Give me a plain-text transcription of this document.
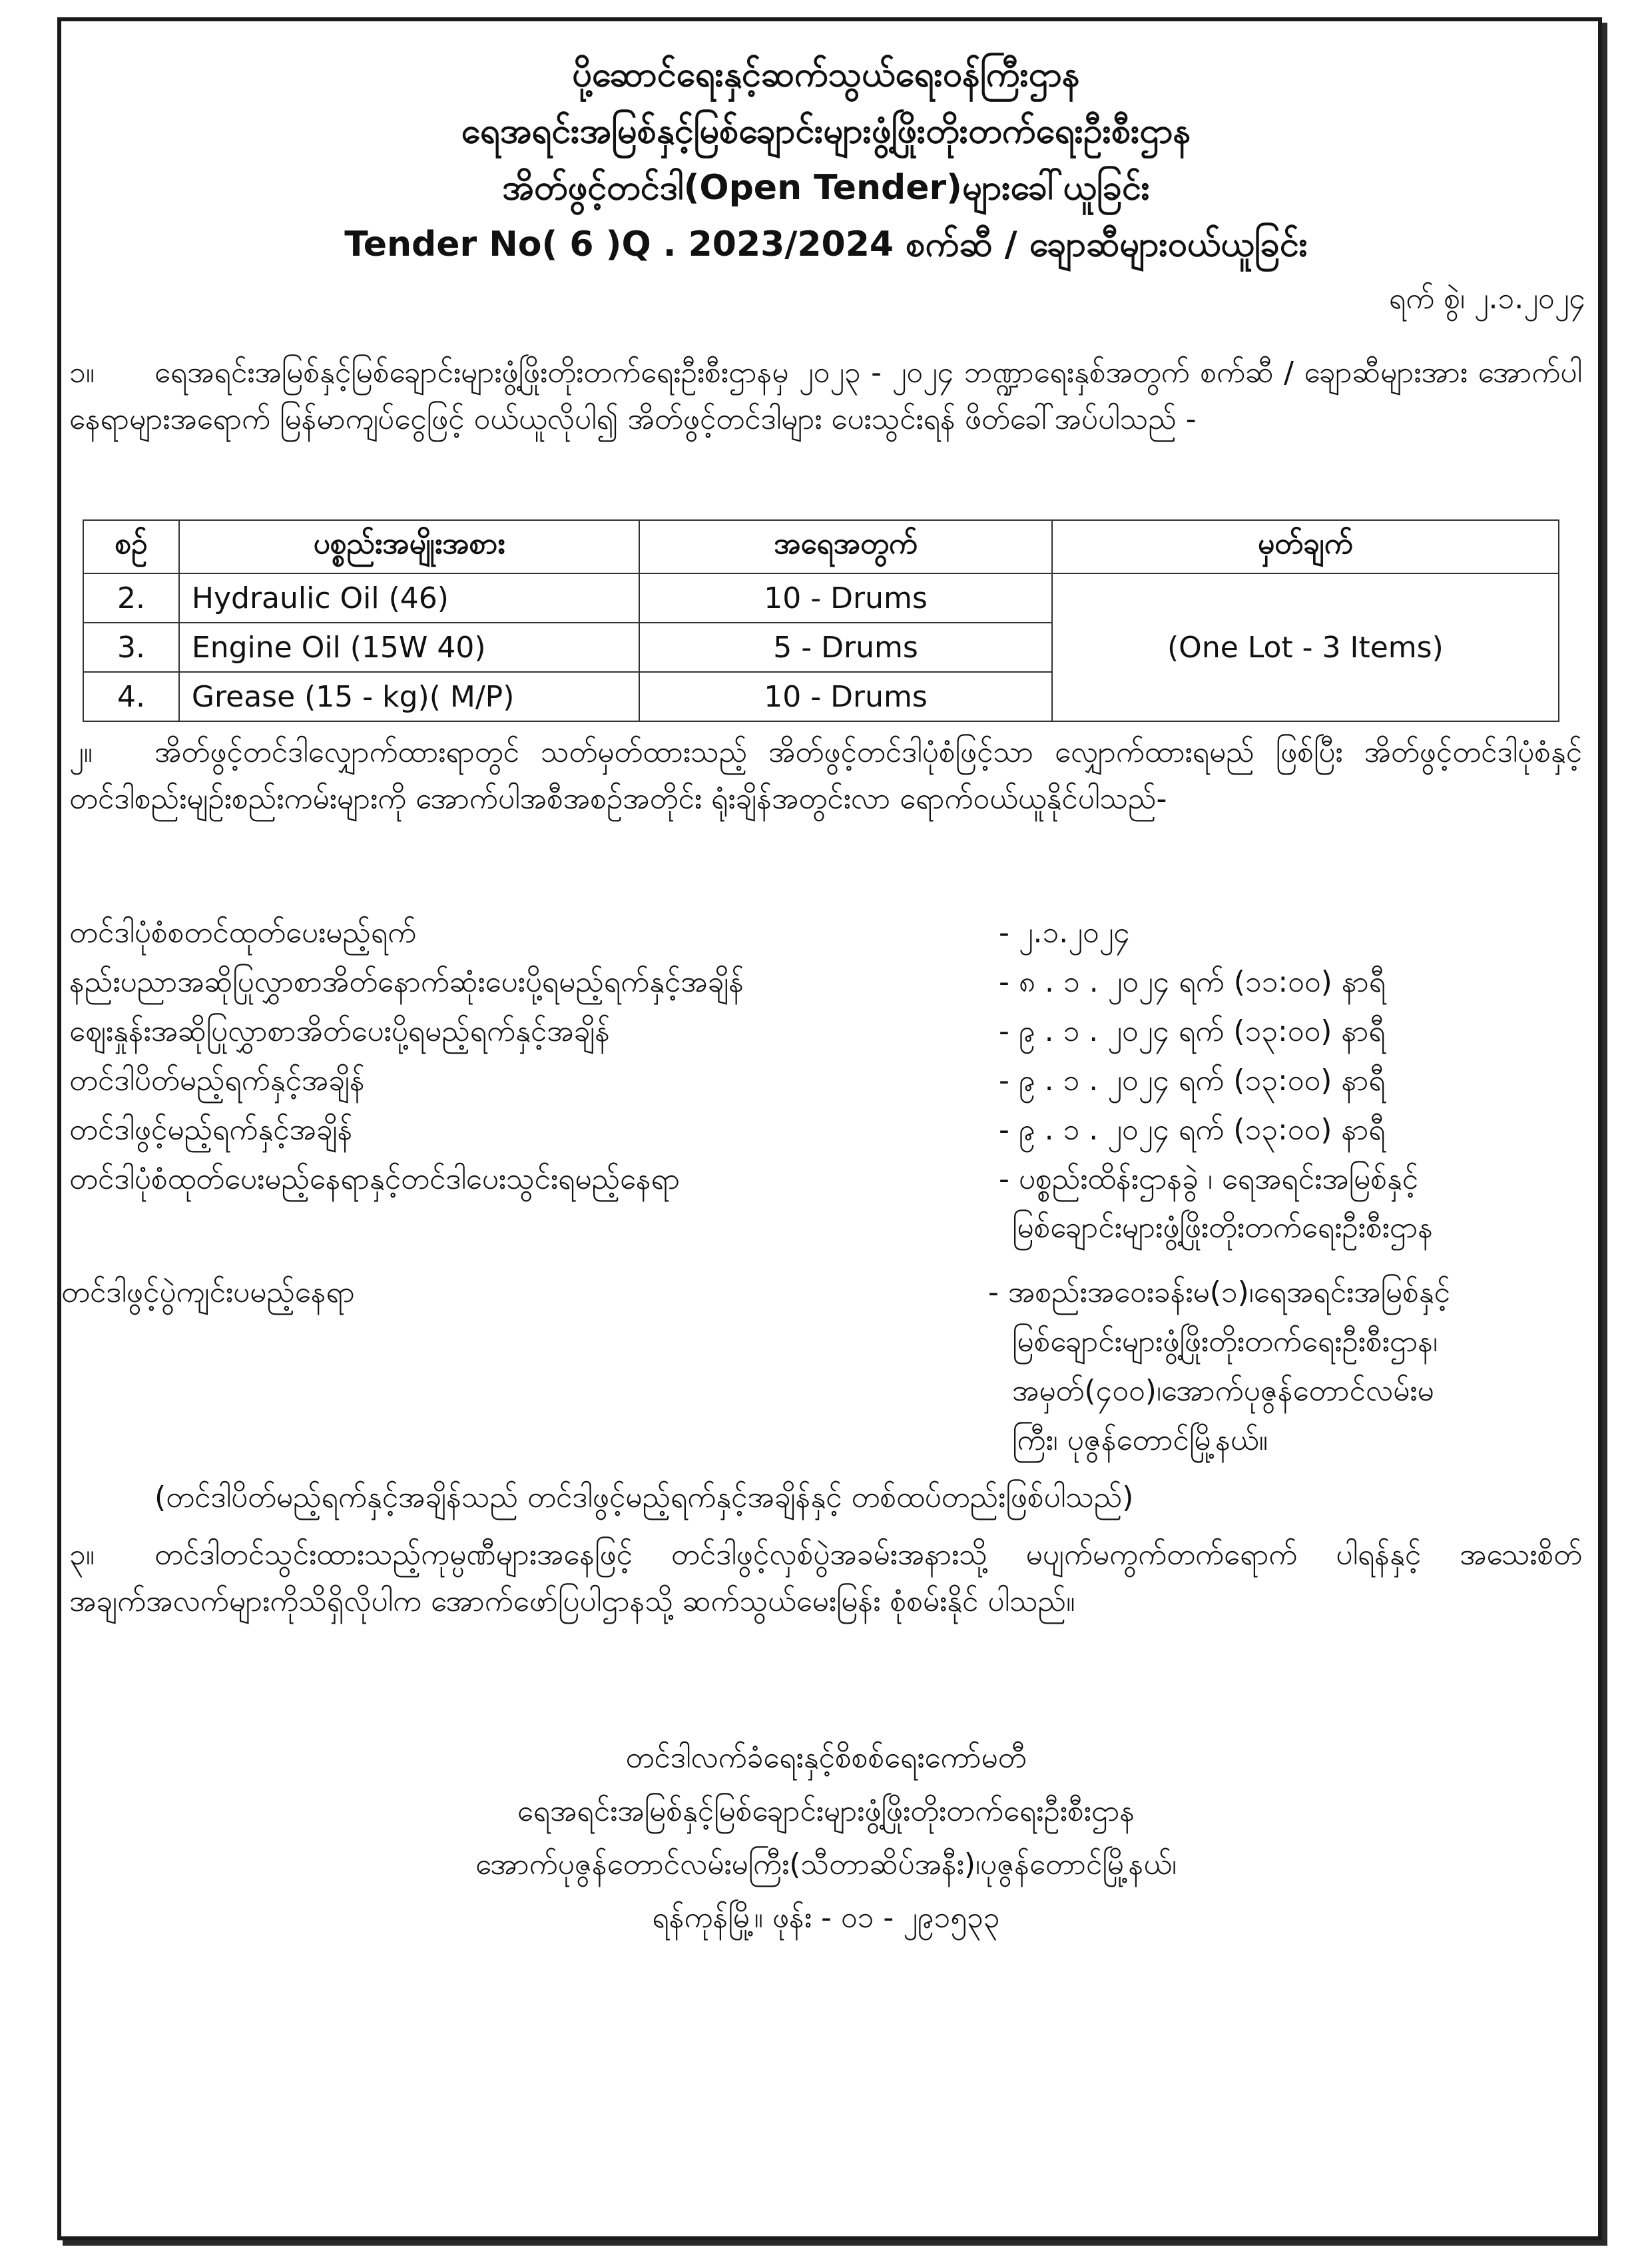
ပို့ဆောင်ရေးနှင့်ဆက်သွယ်ရေးဝန်ကြီးဌာန
ရေအရင်းအမြစ်နှင့်မြစ်ချောင်းများဖွံ့ဖြိုးတိုးတက်ရေးဦးစီးဌာန
အိတ်ဖွင့်တင်ဒါ(Open Tender)များခေါ်ယူခြင်း
Tender No( 6 )Q . 2023/2024 စက်ဆီ / ချောဆီများဝယ်ယူခြင်း
ရက် စွဲ၊ ၂.၁.၂၀၂၄
၁။ ရေအရင်းအမြစ်နှင့်မြစ်ချောင်းများဖွံ့ဖြိုးတိုးတက်ရေးဦးစီးဌာနမှ ၂၀၂၃ - ၂၀၂၄ ဘဏ္ဍာရေးနှစ်အတွက် စက်ဆီ / ချောဆီများအား အောက်ပါနေရာများအရောက် မြန်မာကျပ်ငွေဖြင့် ဝယ်ယူလိုပါ၍ အိတ်ဖွင့်တင်ဒါများ ပေးသွင်းရန် ဖိတ်ခေါ်အပ်ပါသည် -
စဉ်	ပစ္စည်းအမျိုးအစား	အရေအတွက်	မှတ်ချက်
2.	Hydraulic Oil (46)	10 - Drums	(One Lot - 3 Items)
3.	Engine Oil (15W 40)	5 - Drums	
4.	Grease (15 - kg)( M/P)	10 - Drums	
၂။ အိတ်ဖွင့်တင်ဒါလျှောက်ထားရာတွင် သတ်မှတ်ထားသည့် အိတ်ဖွင့်တင်ဒါပုံစံဖြင့်သာ လျှောက်ထားရမည် ဖြစ်ပြီး အိတ်ဖွင့်တင်ဒါပုံစံနှင့် တင်ဒါစည်းမျဉ်းစည်းကမ်းများကို အောက်ပါအစီအစဉ်အတိုင်း ရုံးချိန်အတွင်းလာ ရောက်ဝယ်ယူနိုင်ပါသည်-
တင်ဒါပုံစံစတင်ထုတ်ပေးမည့်ရက်	- ၂.၁.၂၀၂၄
နည်းပညာအဆိုပြုလွှာစာအိတ်နောက်ဆုံးပေးပို့ရမည့်ရက်နှင့်အချိန်	- ၈ . ၁ . ၂၀၂၄ ရက် (၁၁:၀၀) နာရီ
ဈေးနှုန်းအဆိုပြုလွှာစာအိတ်ပေးပို့ရမည့်ရက်နှင့်အချိန်	- ၉ . ၁ . ၂၀၂၄ ရက် (၁၃:၀၀) နာရီ
တင်ဒါပိတ်မည့်ရက်နှင့်အချိန်	- ၉ . ၁ . ၂၀၂၄ ရက် (၁၃:၀၀) နာရီ
တင်ဒါဖွင့်မည့်ရက်နှင့်အချိန်	- ၉ . ၁ . ၂၀၂၄ ရက် (၁၃:၀၀) နာရီ
တင်ဒါပုံစံထုတ်ပေးမည့်နေရာနှင့်တင်ဒါပေးသွင်းရမည့်နေရာ	- ပစ္စည်းထိန်းဌာနခွဲ ၊ ရေအရင်းအမြစ်နှင့်
မြစ်ချောင်းများဖွံ့ဖြိုးတိုးတက်ရေးဦးစီးဌာန
တင်ဒါဖွင့်ပွဲကျင်းပမည့်နေရာ	- အစည်းအဝေးခန်းမ(၁)၊ရေအရင်းအမြစ်နှင့်
မြစ်ချောင်းများဖွံ့ဖြိုးတိုးတက်ရေးဦးစီးဌာန၊
အမှတ်(၄၀၀)၊အောက်ပုဇွန်တောင်လမ်းမ
ကြီး၊ ပုဇွန်တောင်မြို့နယ်။
(တင်ဒါပိတ်မည့်ရက်နှင့်အချိန်သည် တင်ဒါဖွင့်မည့်ရက်နှင့်အချိန်နှင့် တစ်ထပ်တည်းဖြစ်ပါသည်)
၃။ တင်ဒါတင်သွင်းထားသည့်ကုမ္ပဏီများအနေဖြင့် တင်ဒါဖွင့်လှစ်ပွဲအခမ်းအနားသို့ မပျက်မကွက်တက်ရောက် ပါရန်နှင့် အသေးစိတ်အချက်အလက်များကိုသိရှိလိုပါက အောက်ဖော်ပြပါဌာနသို့ ဆက်သွယ်မေးမြန်း စုံစမ်းနိုင် ပါသည်။
တင်ဒါလက်ခံရေးနှင့်စိစစ်ရေးကော်မတီ
ရေအရင်းအမြစ်နှင့်မြစ်ချောင်းများဖွံ့ဖြိုးတိုးတက်ရေးဦးစီးဌာန
အောက်ပုဇွန်တောင်လမ်းမကြီး(သီတာဆိပ်အနီး)၊ပုဇွန်တောင်မြို့နယ်၊
ရန်ကုန်မြို့။ ဖုန်း - ၀၁ - ၂၉၁၅၃၃
